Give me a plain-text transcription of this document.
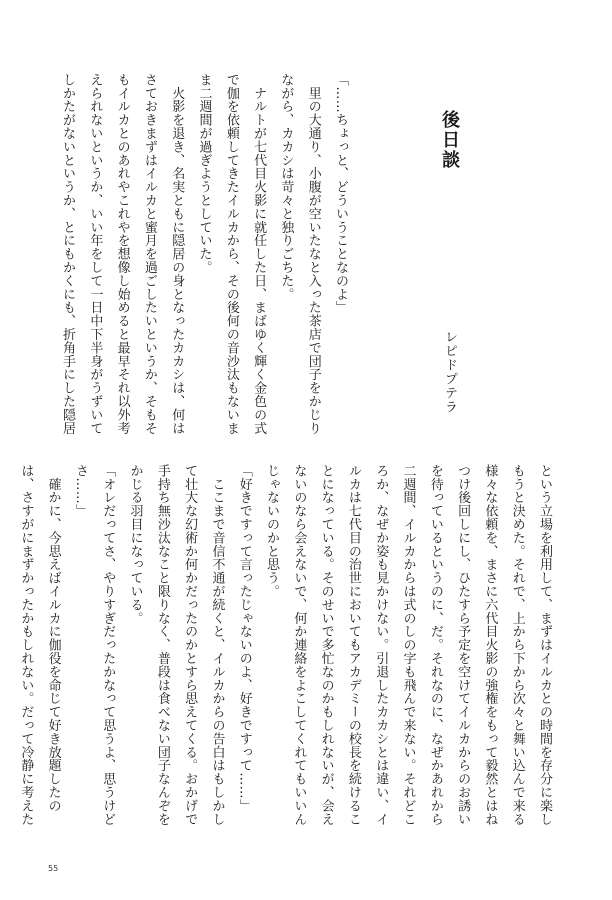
後日談
レピドプテラ
「……ちょっと、どういうことなのよ」
　里の大通り、小腹が空いたなと入った茶店で団子をかじり
ながら、カカシは苛々と独りごちた。
　ナルトが七代目火影に就任した日、まばゆく輝く金色の式
で伽を依頼してきたイルカから、その後何の音沙汰もないま
ま二週間が過ぎようとしていた。
　火影を退き、名実ともに隠居の身となったカカシは、何は
さておきまずはイルカと蜜月を過ごしたいというか、そもそ
もイルカとのあれやこれやを想像し始めると最早それ以外考
えられないというか、いい年をして一日中下半身がうずいて
しかたがないというか、とにもかくにも、折角手にした隠居
という立場を利用して、まずはイルカとの時間を存分に楽し
もうと決めた。それで、上から下から次々と舞い込んで来る
様々な依頼を、まさに六代目火影の強権をもって毅然とはね
つけ後回しにし、ひたすら予定を空けてイルカからのお誘い
を待っているというのに、だ。それなのに、なぜかあれから
二週間、イルカからは式のしの字も飛んで来ない。それどこ
ろか、なぜか姿も見かけない。引退したカカシとは違い、イ
ルカは七代目の治世においてもアカデミーの校長を続けるこ
とになっている。そのせいで多忙なのかもしれないが、会え
ないのなら会えないで、何か連絡をよこしてくれてもいいん
じゃないのかと思う。
「好きですって言ったじゃないのよ、好きですって……」
　ここまで音信不通が続くと、イルカからの告白はもしかし
て壮大な幻術か何かだったのかとすら思えてくる。おかげで
手持ち無沙汰なこと限りなく、普段は食べない団子なんぞを
かじる羽目になっている。
「オレだってさ、やりすぎだったかなって思うよ、思うけど
さ……」
　確かに、今思えばイルカに伽役を命じて好き放題したの
は、さすがにまずかったかもしれない。だって冷静に考えた
55
